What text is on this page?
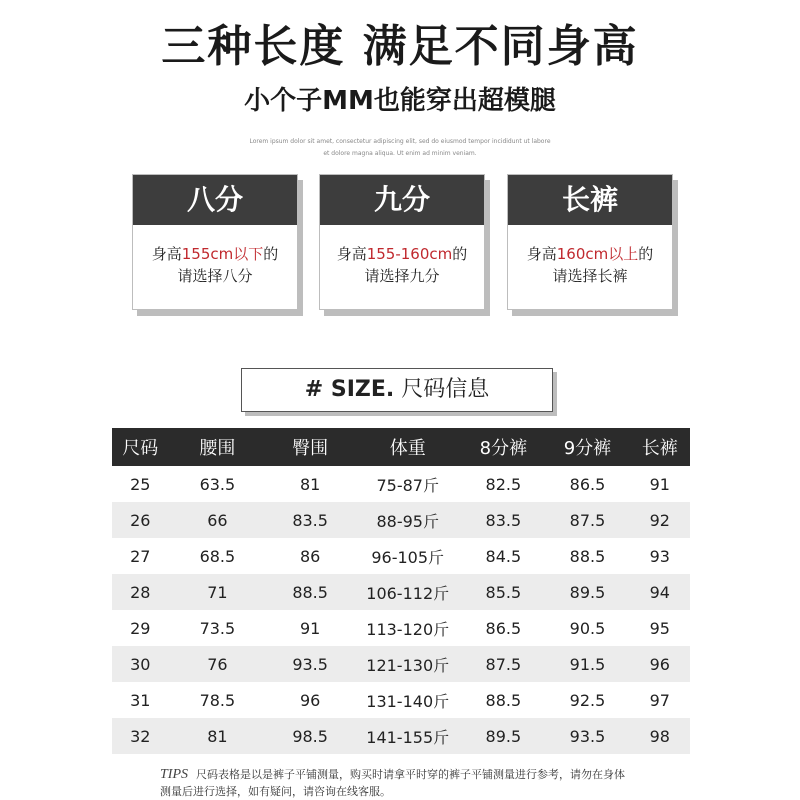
三种长度 满足不同身高
小个子MM也能穿出超模腿
Lorem ipsum dolor sit amet, consectetur adipiscing elit, sed do eiusmod tempor incididunt ut labore
et dolore magna aliqua. Ut enim ad minim veniam.
八分
身高155cm以下的
请选择八分
九分
身高155-160cm的
请选择九分
长裤
身高160cm以上的
请选择长裤
# SIZE. 尺码信息
尺码	腰围	臀围	体重	8分裤	9分裤	长裤
25	63.5	81	75-87斤	82.5	86.5	91
26	66	83.5	88-95斤	83.5	87.5	92
27	68.5	86	96-105斤	84.5	88.5	93
28	71	88.5	106-112斤	85.5	89.5	94
29	73.5	91	113-120斤	86.5	90.5	95
30	76	93.5	121-130斤	87.5	91.5	96
31	78.5	96	131-140斤	88.5	92.5	97
32	81	98.5	141-155斤	89.5	93.5	98
TIPS 尺码表格是以是裤子平铺测量，购买时请拿平时穿的裤子平铺测量进行参考，请勿在身体
测量后进行选择，如有疑问，请咨询在线客服。
